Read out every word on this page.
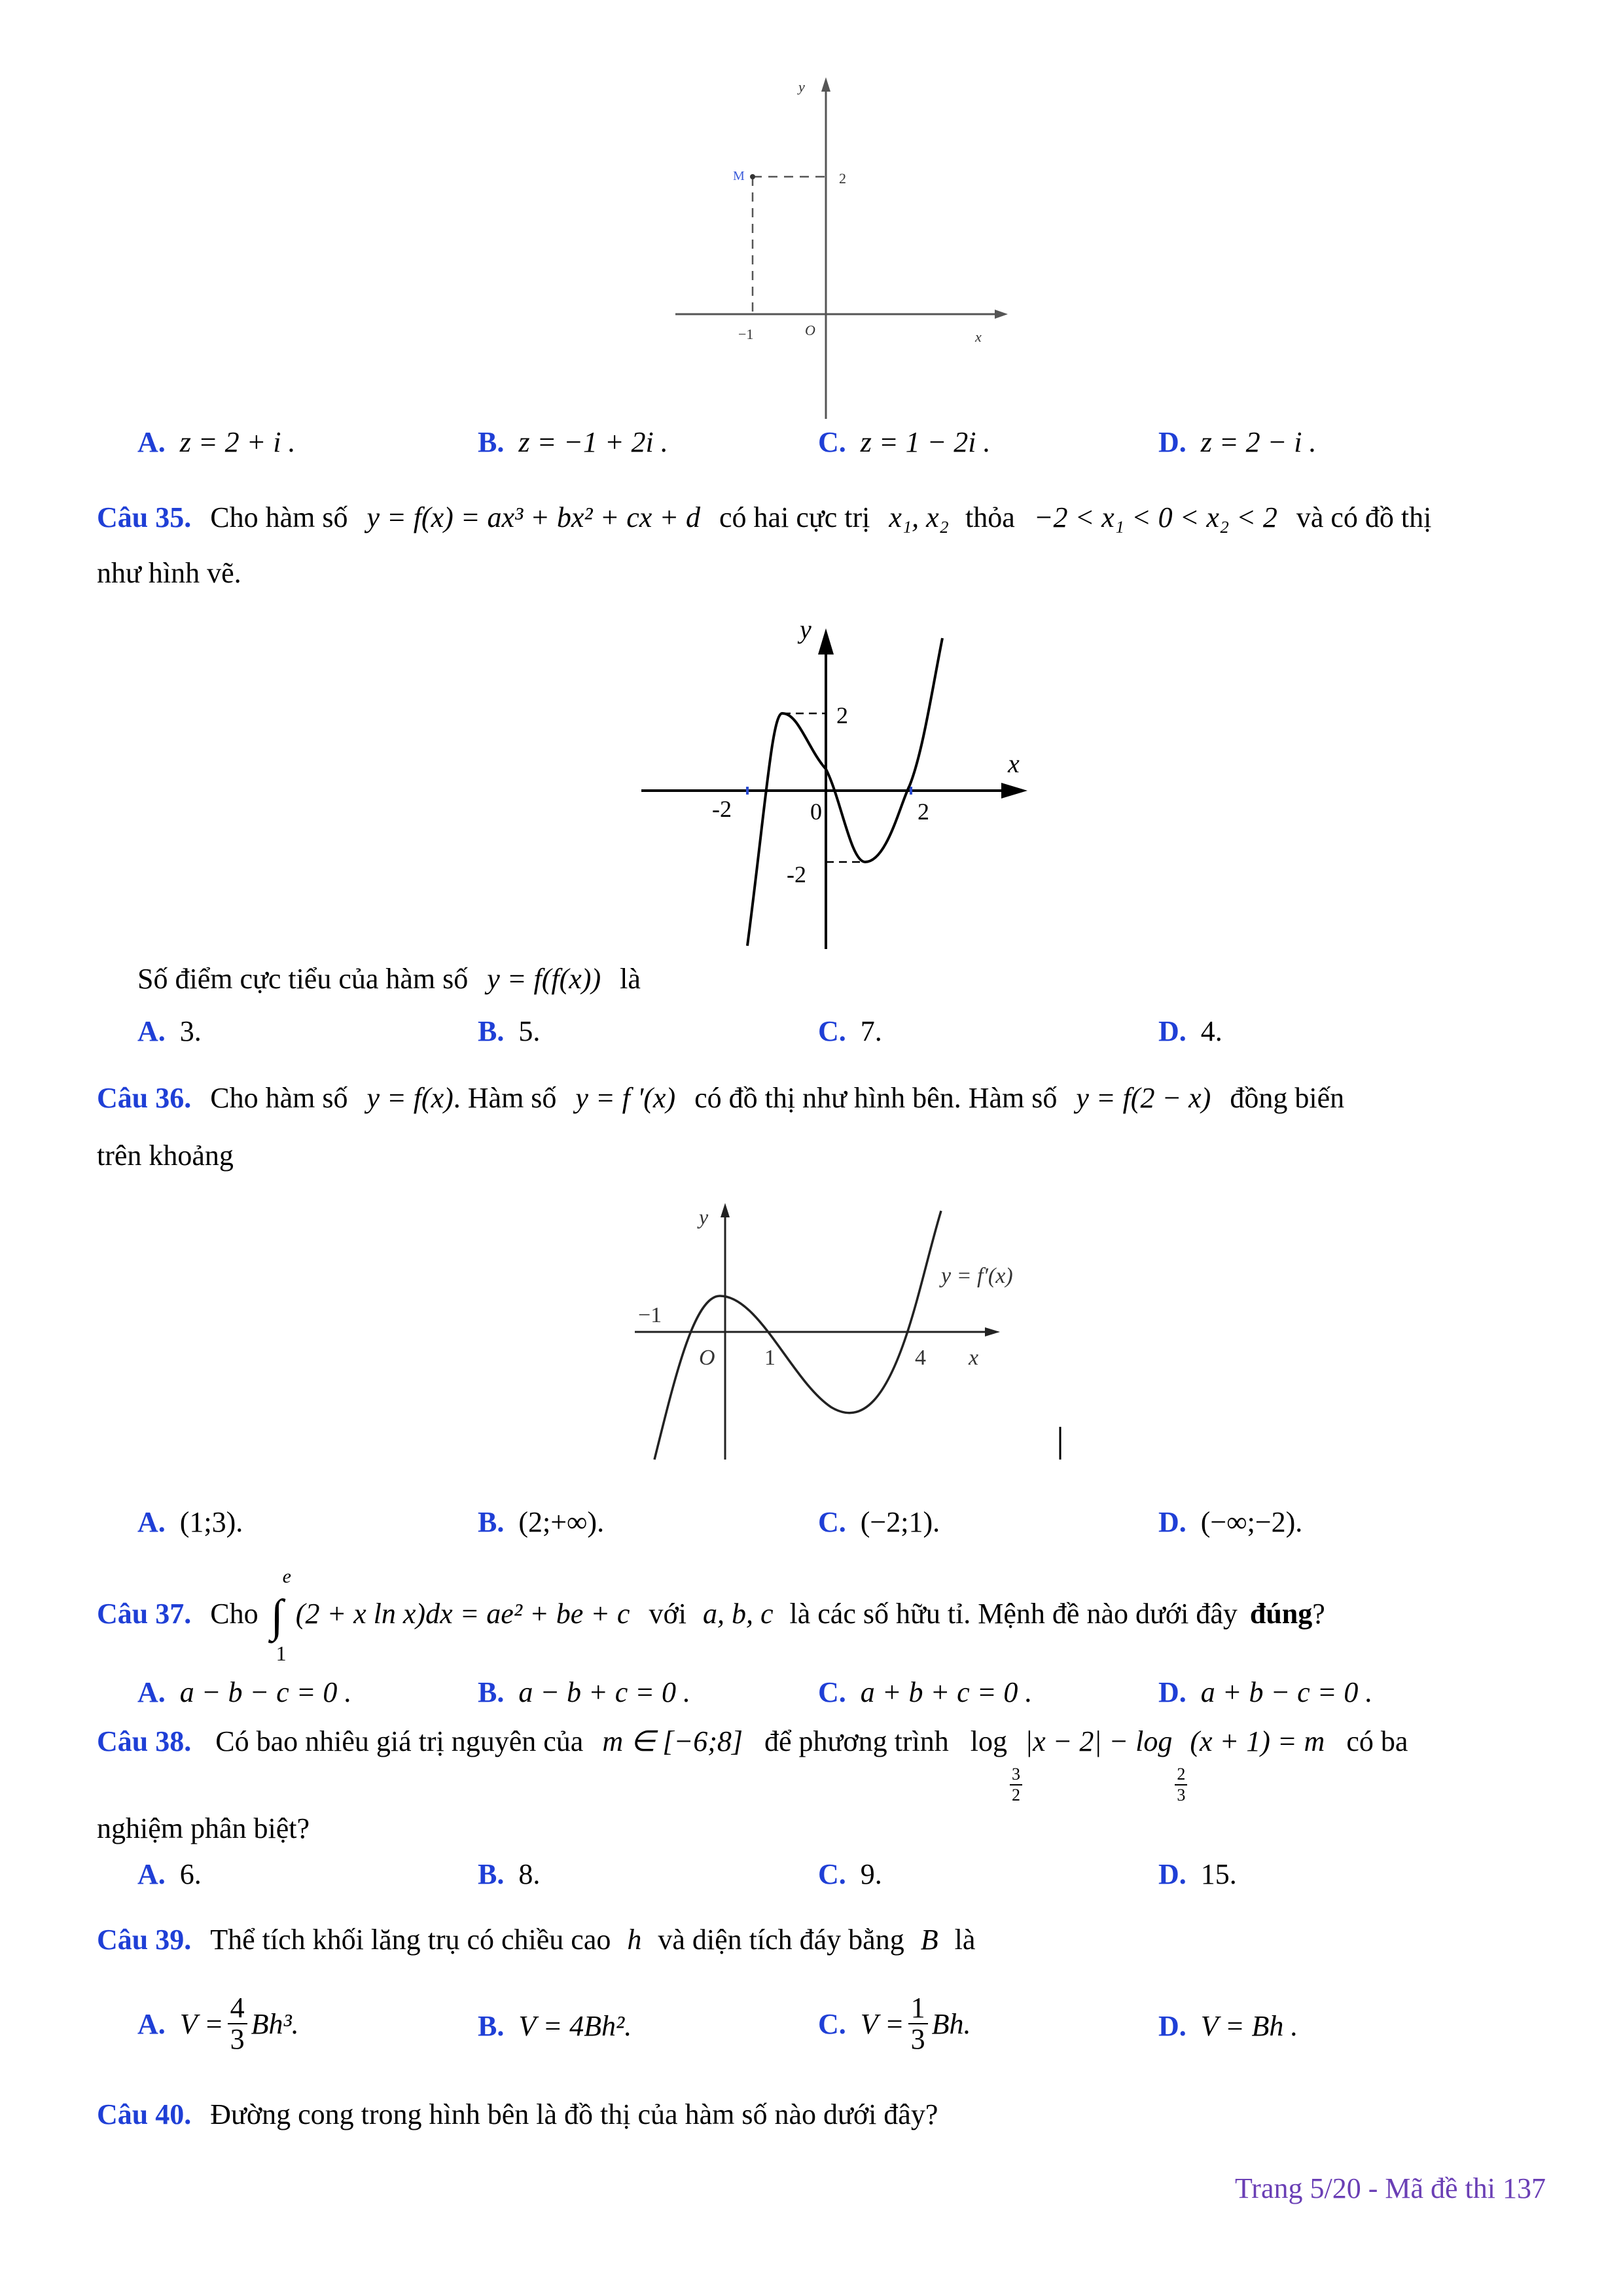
y
M	2
−1	O	x
A. z = 2 + i .	B. z = −1 + 2i .	C. z = 1 − 2i .	D. z = 2 − i .
Câu 35. Cho hàm số y = f(x) = ax³ + bx² + cx + d có hai cực trị x₁, x₂ thỏa −2 < x₁ < 0 < x₂ < 2 và có đồ thị
như hình vẽ.
y
x
2
-2	0	2
-2
Số điểm cực tiểu của hàm số y = f(f(x)) là
A. 3.	B. 5.	C. 7.	D. 4.
Câu 36. Cho hàm số y = f(x). Hàm số y = f '(x) có đồ thị như hình bên. Hàm số y = f(2 − x) đồng biến
trên khoảng
y
y = f′(x)
−1
O 1	4 x
A. (1;3).	B. (2;+∞).	C. (−2;1).	D. (−∞;−2).
Câu 37. Cho ∫
e
1
(2 + x ln x)dx = ae² + be + c với a, b, c là các số hữu tỉ. Mệnh đề nào dưới đây đúng?
A. a − b − c = 0 .	B. a − b + c = 0 .	C. a + b + c = 0 .	D. a + b − c = 0 .
Câu 38. Có bao nhiêu giá trị nguyên của m ∈ [−6;8] để phương trình log
$\frac{3}{2}$
|x − 2| − log
$\frac{2}{3}$
(x + 1) = m có ba
nghiệm phân biệt?
A. 6.	B. 8.	C. 9.	D. 15.
Câu 39. Thể tích khối lăng trụ có chiều cao h và diện tích đáy bằng B là
A. $V = \frac{4}{3} Bh^3$.	B. V = 4Bh².	C. $V = \frac{1}{3} Bh$.	D. V = Bh .
Câu 40. Đường cong trong hình bên là đồ thị của hàm số nào dưới đây?
Trang 5/20 - Mã đề thi 137
